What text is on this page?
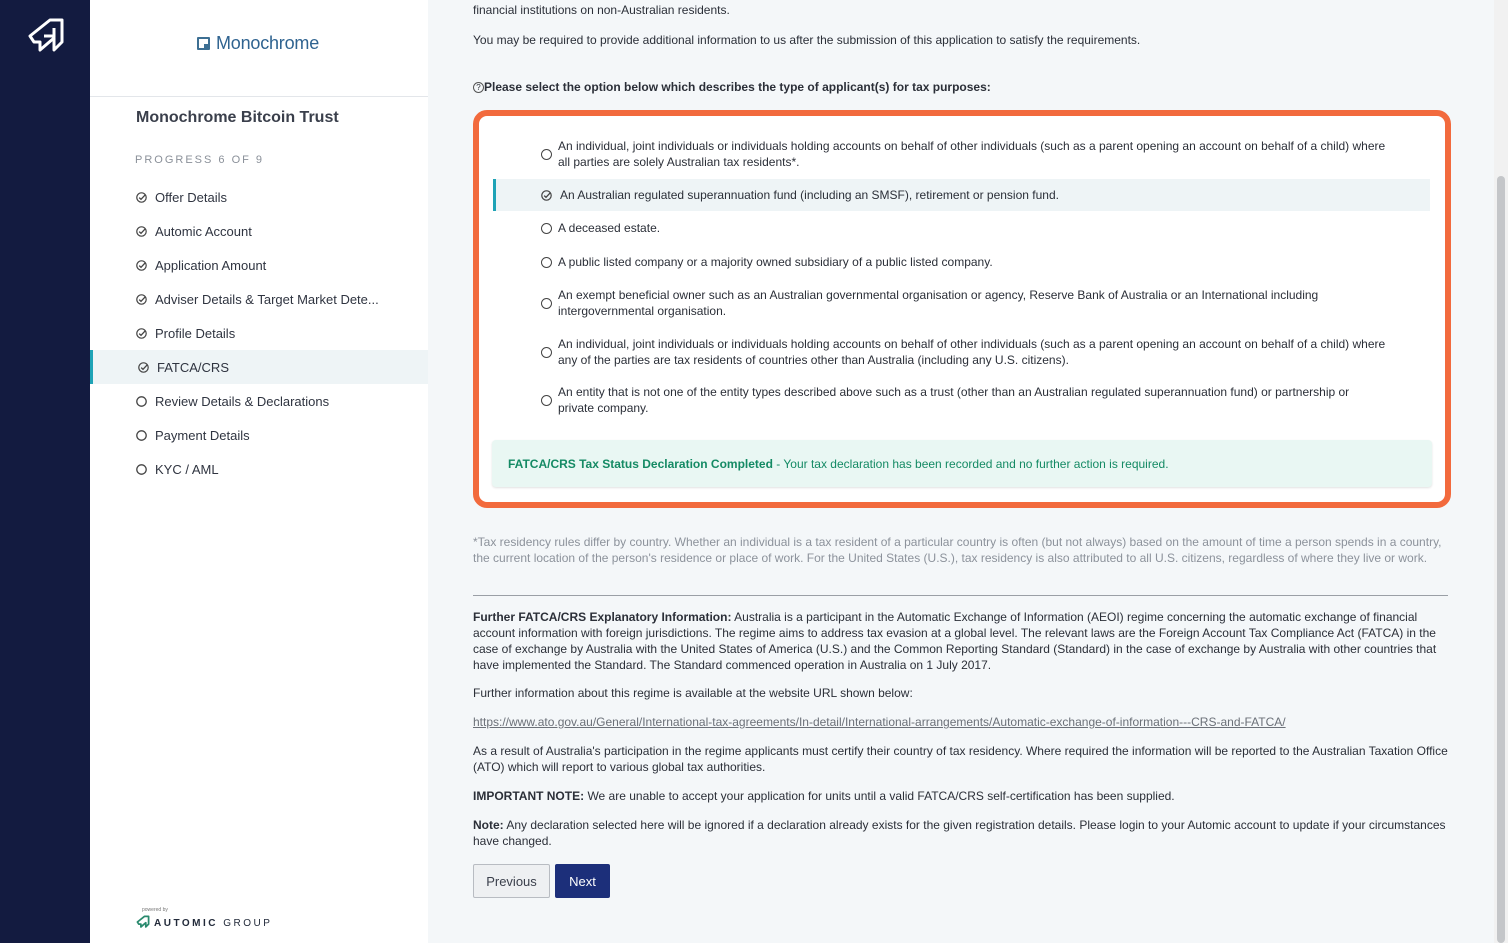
Monochrome
Monochrome Bitcoin Trust
PROGRESS 6 OF 9
Offer Details
Automic Account
Application Amount
Adviser Details & Target Market Dete...
Profile Details
FATCA/CRS
Review Details & Declarations
Payment Details
KYC / AML
powered by
AUTOMIC GROUP
financial institutions on non-Australian residents.
You may be required to provide additional information to us after the submission of this application to satisfy the requirements.
? Please select the option below which describes the type of applicant(s) for tax purposes:
An individual, joint individuals or individuals holding accounts on behalf of other individuals (such as a parent opening an account on behalf of a child) where all parties are solely Australian tax residents*.
An Australian regulated superannuation fund (including an SMSF), retirement or pension fund.
A deceased estate.
A public listed company or a majority owned subsidiary of a public listed company.
An exempt beneficial owner such as an Australian governmental organisation or agency, Reserve Bank of Australia or an International including intergovernmental organisation.
An individual, joint individuals or individuals holding accounts on behalf of other individuals (such as a parent opening an account on behalf of a child) where any of the parties are tax residents of countries other than Australia (including any U.S. citizens).
An entity that is not one of the entity types described above such as a trust (other than an Australian regulated superannuation fund) or partnership or private company.
FATCA/CRS Tax Status Declaration Completed - Your tax declaration has been recorded and no further action is required.
*Tax residency rules differ by country. Whether an individual is a tax resident of a particular country is often (but not always) based on the amount of time a person spends in a country, the current location of the person's residence or place of work. For the United States (U.S.), tax residency is also attributed to all U.S. citizens, regardless of where they live or work.
Further FATCA/CRS Explanatory Information: Australia is a participant in the Automatic Exchange of Information (AEOI) regime concerning the automatic exchange of financial account information with foreign jurisdictions. The regime aims to address tax evasion at a global level. The relevant laws are the Foreign Account Tax Compliance Act (FATCA) in the case of exchange by Australia with the United States of America (U.S.) and the Common Reporting Standard (Standard) in the case of exchange by Australia with other countries that have implemented the Standard. The Standard commenced operation in Australia on 1 July 2017.
Further information about this regime is available at the website URL shown below:
https://www.ato.gov.au/General/International-tax-agreements/In-detail/International-arrangements/Automatic-exchange-of-information---CRS-and-FATCA/
As a result of Australia's participation in the regime applicants must certify their country of tax residency. Where required the information will be reported to the Australian Taxation Office (ATO) which will report to various global tax authorities.
IMPORTANT NOTE: We are unable to accept your application for units until a valid FATCA/CRS self-certification has been supplied.
Note: Any declaration selected here will be ignored if a declaration already exists for the given registration details. Please login to your Automic account to update if your circumstances have changed.
Previous	Next
